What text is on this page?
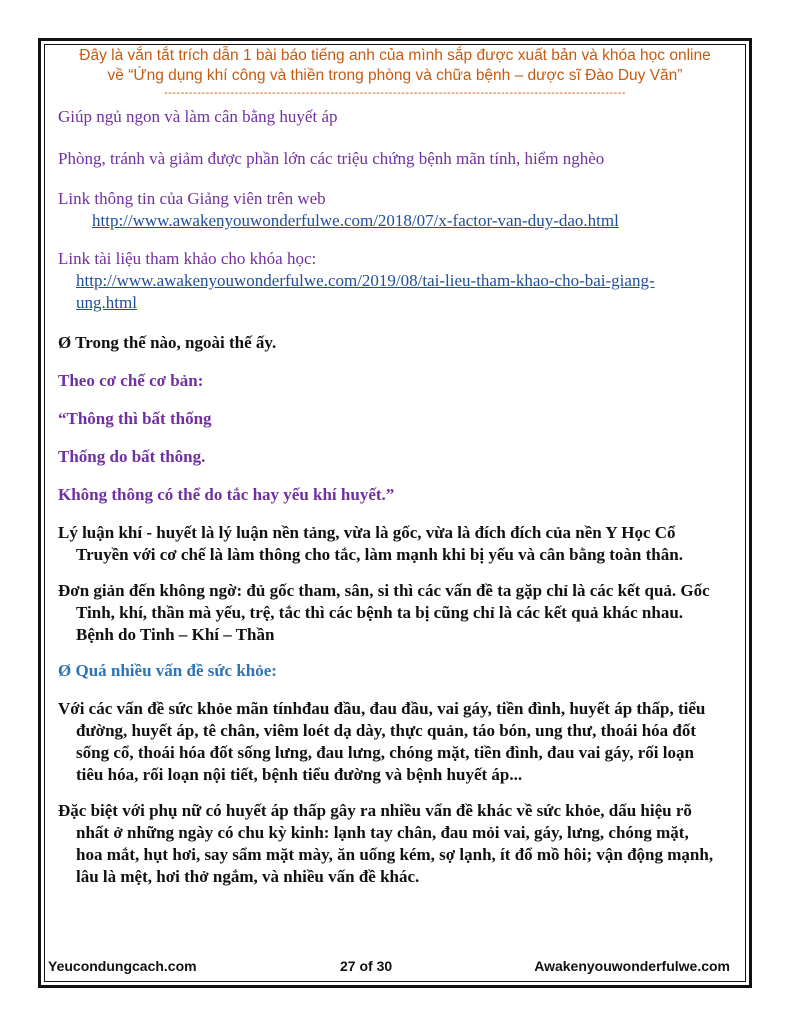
Đây là vắn tắt trích dẫn 1 bài báo tiếng anh của mình sắp được xuất bản và khóa học online

về “Ứng dụng khí công và thiền trong phòng và chữa bệnh – dược sĩ Đào Duy Văn”
---------------------------------------------------------------------------------------------------------------

Giúp ngủ ngon và làm cân bằng huyết áp

Phòng, tránh và giảm được phần lớn các triệu chứng bệnh mãn tính, hiểm nghèo

Link thông tin của Giảng viên trên web

http://www.awakenyouwonderfulwe.com/2018/07/x-factor-van-duy-dao.html

Link tài liệu tham khảo cho khóa học:

http://www.awakenyouwonderfulwe.com/2019/08/tai-lieu-tham-khao-cho-bai-giang-

ung.html

Ø Trong thế nào, ngoài thế ấy.

Theo cơ chế cơ bản:

“Thông thì bất thống

Thống do bất thông.

Không thông có thể do tắc hay yếu khí huyết.”

Lý luận khí - huyết là lý luận nền tảng, vừa là gốc, vừa là đích đích của nền Y Học Cổ Truyền với cơ chế là làm thông cho tắc, làm mạnh khi bị yếu và cân bằng toàn thân.

Đơn giản đến không ngờ: đủ gốc tham, sân, si thì các vấn đề ta gặp chỉ là các kết quả. Gốc Tinh, khí, thần mà yếu, trệ, tắc thì các bệnh ta bị cũng chỉ là các kết quả khác nhau. Bệnh do Tinh – Khí – Thần

Ø Quá nhiều vấn đề sức khỏe:

Với các vấn đề sức khỏe mãn tínhđau đầu, đau đầu, vai gáy, tiền đình, huyết áp thấp, tiểu đường, huyết áp, tê chân, viêm loét dạ dày, thực quản, táo bón, ung thư, thoái hóa đốt sống cổ, thoái hóa đốt sống lưng, đau lưng, chóng mặt, tiền đình, đau vai gáy, rối loạn tiêu hóa, rối loạn nội tiết, bệnh tiểu đường và bệnh huyết áp...

Đặc biệt với phụ nữ có huyết áp thấp gây ra nhiều vấn đề khác về sức khỏe, dấu hiệu rõ nhất ở những ngày có chu kỳ kinh: lạnh tay chân, đau mỏi vai, gáy, lưng, chóng mặt, hoa mắt, hụt hơi, say sẩm mặt mày, ăn uống kém, sợ lạnh, ít đổ mồ hôi; vận động mạnh, lâu là mệt, hơi thở ngắm, và nhiều vấn đề khác.

Yeucondungcach.com	27 of 30	Awakenyouwonderfulwe.com
